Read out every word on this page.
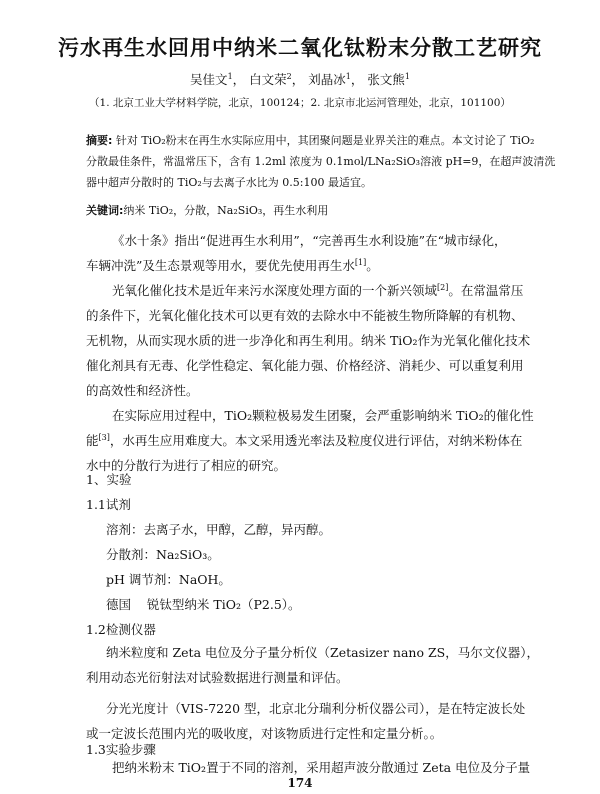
污水再生水回用中纳米二氧化钛粉末分散工艺研究
吴佳文$^1$， 白文荣$^2$， 刘晶冰$^1$， 张文熊$^1$
（1. 北京工业大学材料学院，北京，100124；2. 北京市北运河管理处，北京，101100）
摘要: 针对 TiO₂粉末在再生水实际应用中，其团聚问题是业界关注的难点。本文讨论了 TiO₂
分散最佳条件，常温常压下，含有 1.2ml 浓度为 0.1mol/LNa₂SiO₃溶液 pH=9，在超声波清洗
器中超声分散时的 TiO₂与去离子水比为 0.5:100 最适宜。
关键词:纳米 TiO₂，分散，Na₂SiO₃，再生水利用
《水十条》指出“促进再生水利用”，“完善再生水利设施”在“城市绿化，
车辆冲洗”及生态景观等用水，要优先使用再生水[1]。
光氧化催化技术是近年来污水深度处理方面的一个新兴领域[2]。在常温常压
的条件下，光氧化催化技术可以更有效的去除水中不能被生物所降解的有机物、
无机物，从而实现水质的进一步净化和再生利用。纳米 TiO₂作为光氧化催化技术
催化剂具有无毒、化学性稳定、氧化能力强、价格经济、消耗少、可以重复利用
的高效性和经济性。
在实际应用过程中，TiO₂颗粒极易发生团聚，会严重影响纳米 TiO₂的催化性
能[3]，水再生应用难度大。本文采用透光率法及粒度仪进行评估，对纳米粉体在
水中的分散行为进行了相应的研究。
1、实验
1.1试剂
溶剂：去离子水，甲醇，乙醇，异丙醇。
分散剂：Na₂SiO₃。
pH 调节剂：NaOH。
德国 锐钛型纳米 TiO₂（P2.5）。
1.2检测仪器
纳米粒度和 Zeta 电位及分子量分析仪（Zetasizer nano ZS，马尔文仪器），
利用动态光衍射法对试验数据进行测量和评估。
分光光度计（VIS-7220 型，北京北分瑞利分析仪器公司），是在特定波长处
或一定波长范围内光的吸收度，对该物质进行定性和定量分析。。
1.3实验步骤
把纳米粉末 TiO₂置于不同的溶剂，采用超声波分散通过 Zeta 电位及分子量
174
